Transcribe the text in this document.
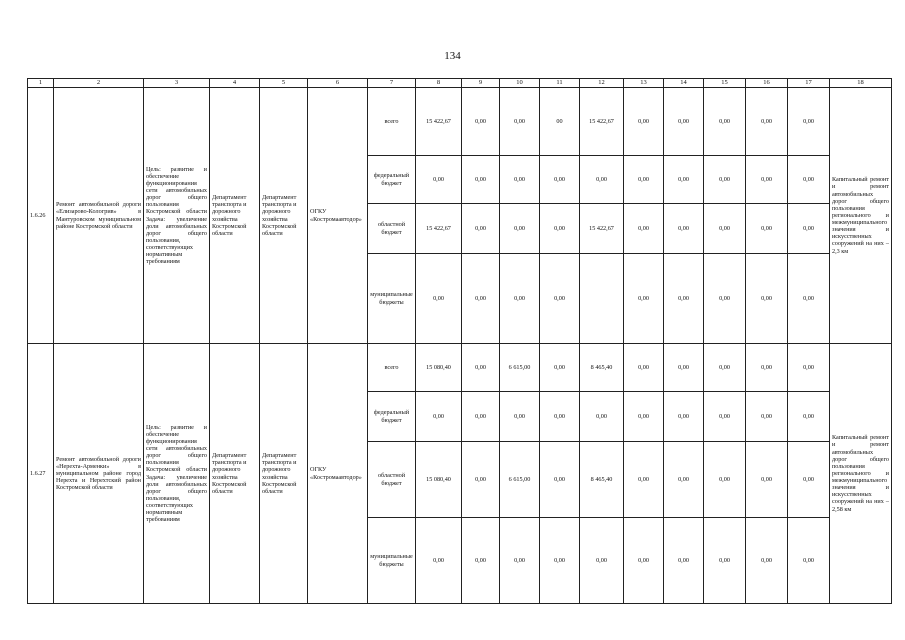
134
1	2	3	4	5	6	7	8	9	10	11	12	13	14	15	16	17	18
1.6.26	Ремонт автомобильной дороги «Елизарово-Кологрив» в Мантуровском муниципальном районе Костромской области	Цель: развитие и обеспечение функционирования сети автомобильных дорог общего пользования Костромской области Задача: увеличение доли автомобильных дорог общего пользования, соответствующих нормативным требованиям	Департамент транспорта и дорожного хозяйства Костромской области	Департамент транспорта и дорожного хозяйства Костромской области	ОГКУ «Костромаавтодор»	всего	15 422,67	0,00	0,00	00	15 422,67	0,00	0,00	0,00	0,00	0,00	Капитальный ремонт и ремонт автомобильных дорог общего пользования регионального и межмуниципального значения и искусственных сооружений на них – 2,3 км
						федеральный бюджет	0,00	0,00	0,00	0,00	0,00	0,00	0,00	0,00	0,00	0,00	
						областной бюджет	15 422,67	0,00	0,00	0,00	15 422,67	0,00	0,00	0,00	0,00	0,00	
						муниципальные бюджеты	0,00	0,00	0,00	0,00		0,00	0,00	0,00	0,00	0,00	
1.6.27	Ремонт автомобильной дороги «Нерехта-Арменки» в муниципальном районе город Нерехта и Нерехтский район Костромской области	Цель: развитие и обеспечение функционирования сети автомобильных дорог общего пользования Костромской области Задача: увеличение доли автомобильных дорог общего пользования, соответствующих нормативным требованиям	Департамент транспорта и дорожного хозяйства Костромской области	Департамент транспорта и дорожного хозяйства Костромской области	ОГКУ «Костромаавтодор»	всего	15 080,40	0,00	6 615,00	0,00	8 465,40	0,00	0,00	0,00	0,00	0,00	Капитальный ремонт и ремонт автомобильных дорог общего пользования регионального и межмуниципального значения и искусственных сооружений на них – 2,58 км
						федеральный бюджет	0,00	0,00	0,00	0,00	0,00	0,00	0,00	0,00	0,00	0,00	
						областной бюджет	15 080,40	0,00	6 615,00	0,00	8 465,40	0,00	0,00	0,00	0,00	0,00	
						муниципальные бюджеты	0,00	0,00	0,00	0,00	0,00	0,00	0,00	0,00	0,00	0,00	
